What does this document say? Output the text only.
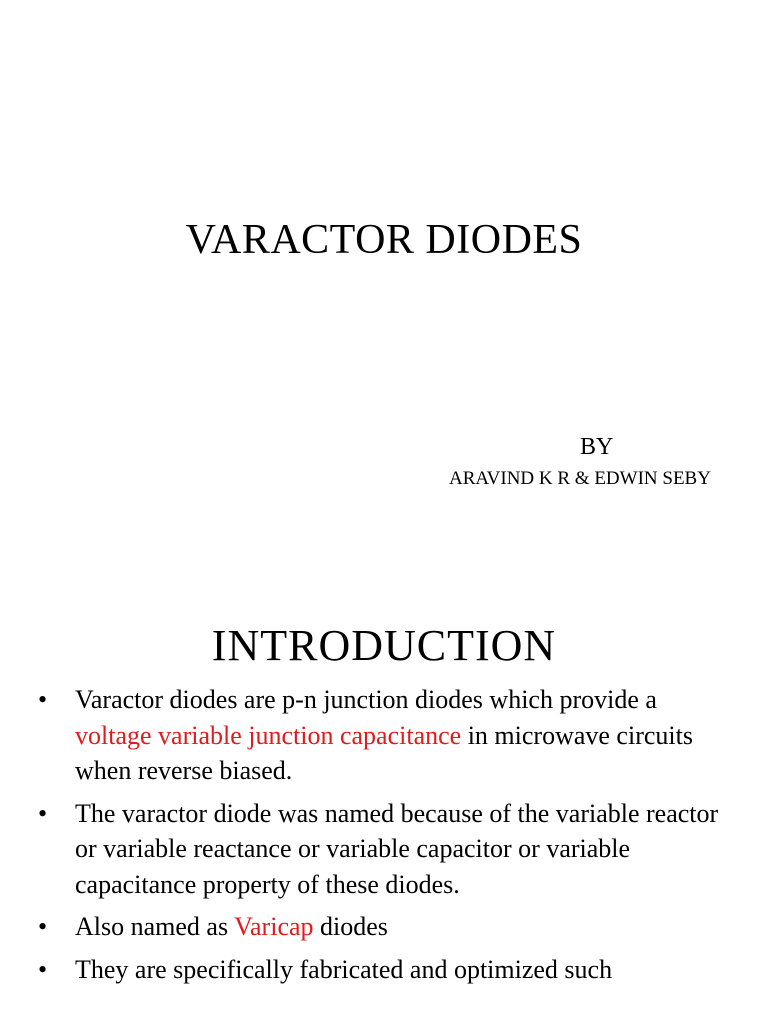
VARACTOR DIODES
BY
ARAVIND K R & EDWIN SEBY
INTRODUCTION
•	Varactor diodes are p-n junction diodes which provide a voltage variable junction capacitance in microwave circuits when reverse biased.
•	The varactor diode was named because of the variable reactor or variable reactance or variable capacitor or variable capacitance property of these diodes.
•	Also named as Varicap diodes
•	They are specifically fabricated and optimized such
